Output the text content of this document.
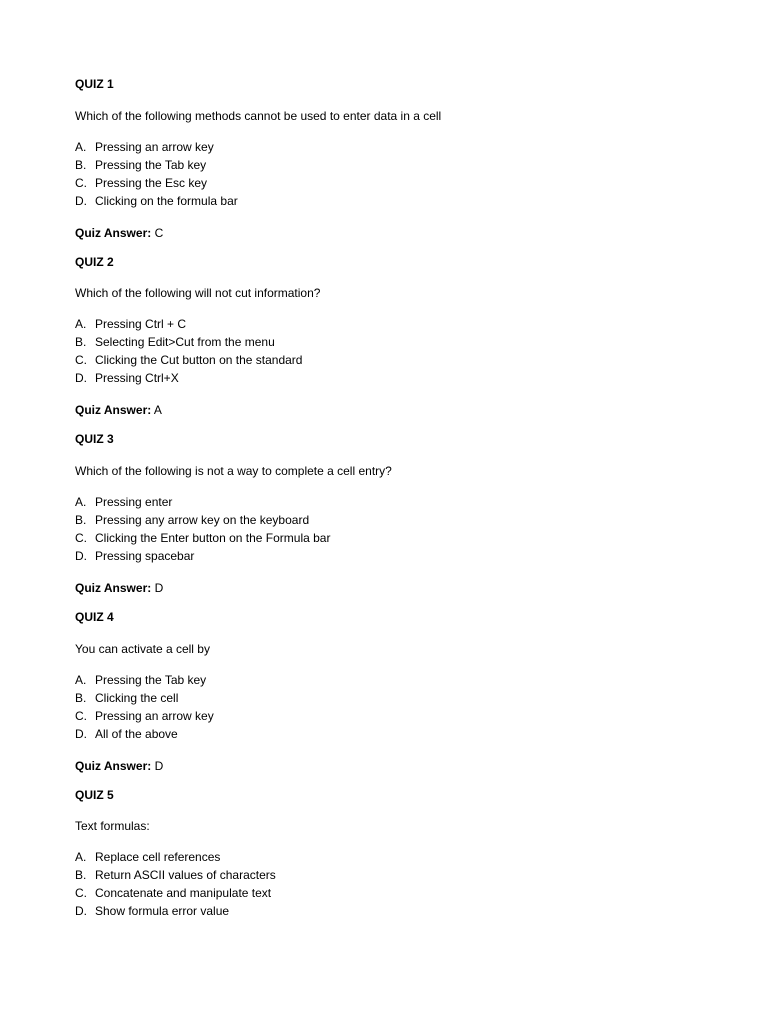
QUIZ 1
Which of the following methods cannot be used to enter data in a cell
A. Pressing an arrow key
B. Pressing the Tab key
C. Pressing the Esc key
D. Clicking on the formula bar
Quiz Answer: C
QUIZ 2
Which of the following will not cut information?
A. Pressing Ctrl + C
B. Selecting Edit>Cut from the menu
C. Clicking the Cut button on the standard
D. Pressing Ctrl+X
Quiz Answer: A
QUIZ 3
Which of the following is not a way to complete a cell entry?
A. Pressing enter
B. Pressing any arrow key on the keyboard
C. Clicking the Enter button on the Formula bar
D. Pressing spacebar
Quiz Answer: D
QUIZ 4
You can activate a cell by
A. Pressing the Tab key
B. Clicking the cell
C. Pressing an arrow key
D. All of the above
Quiz Answer: D
QUIZ 5
Text formulas:
A. Replace cell references
B. Return ASCII values of characters
C. Concatenate and manipulate text
D. Show formula error value
